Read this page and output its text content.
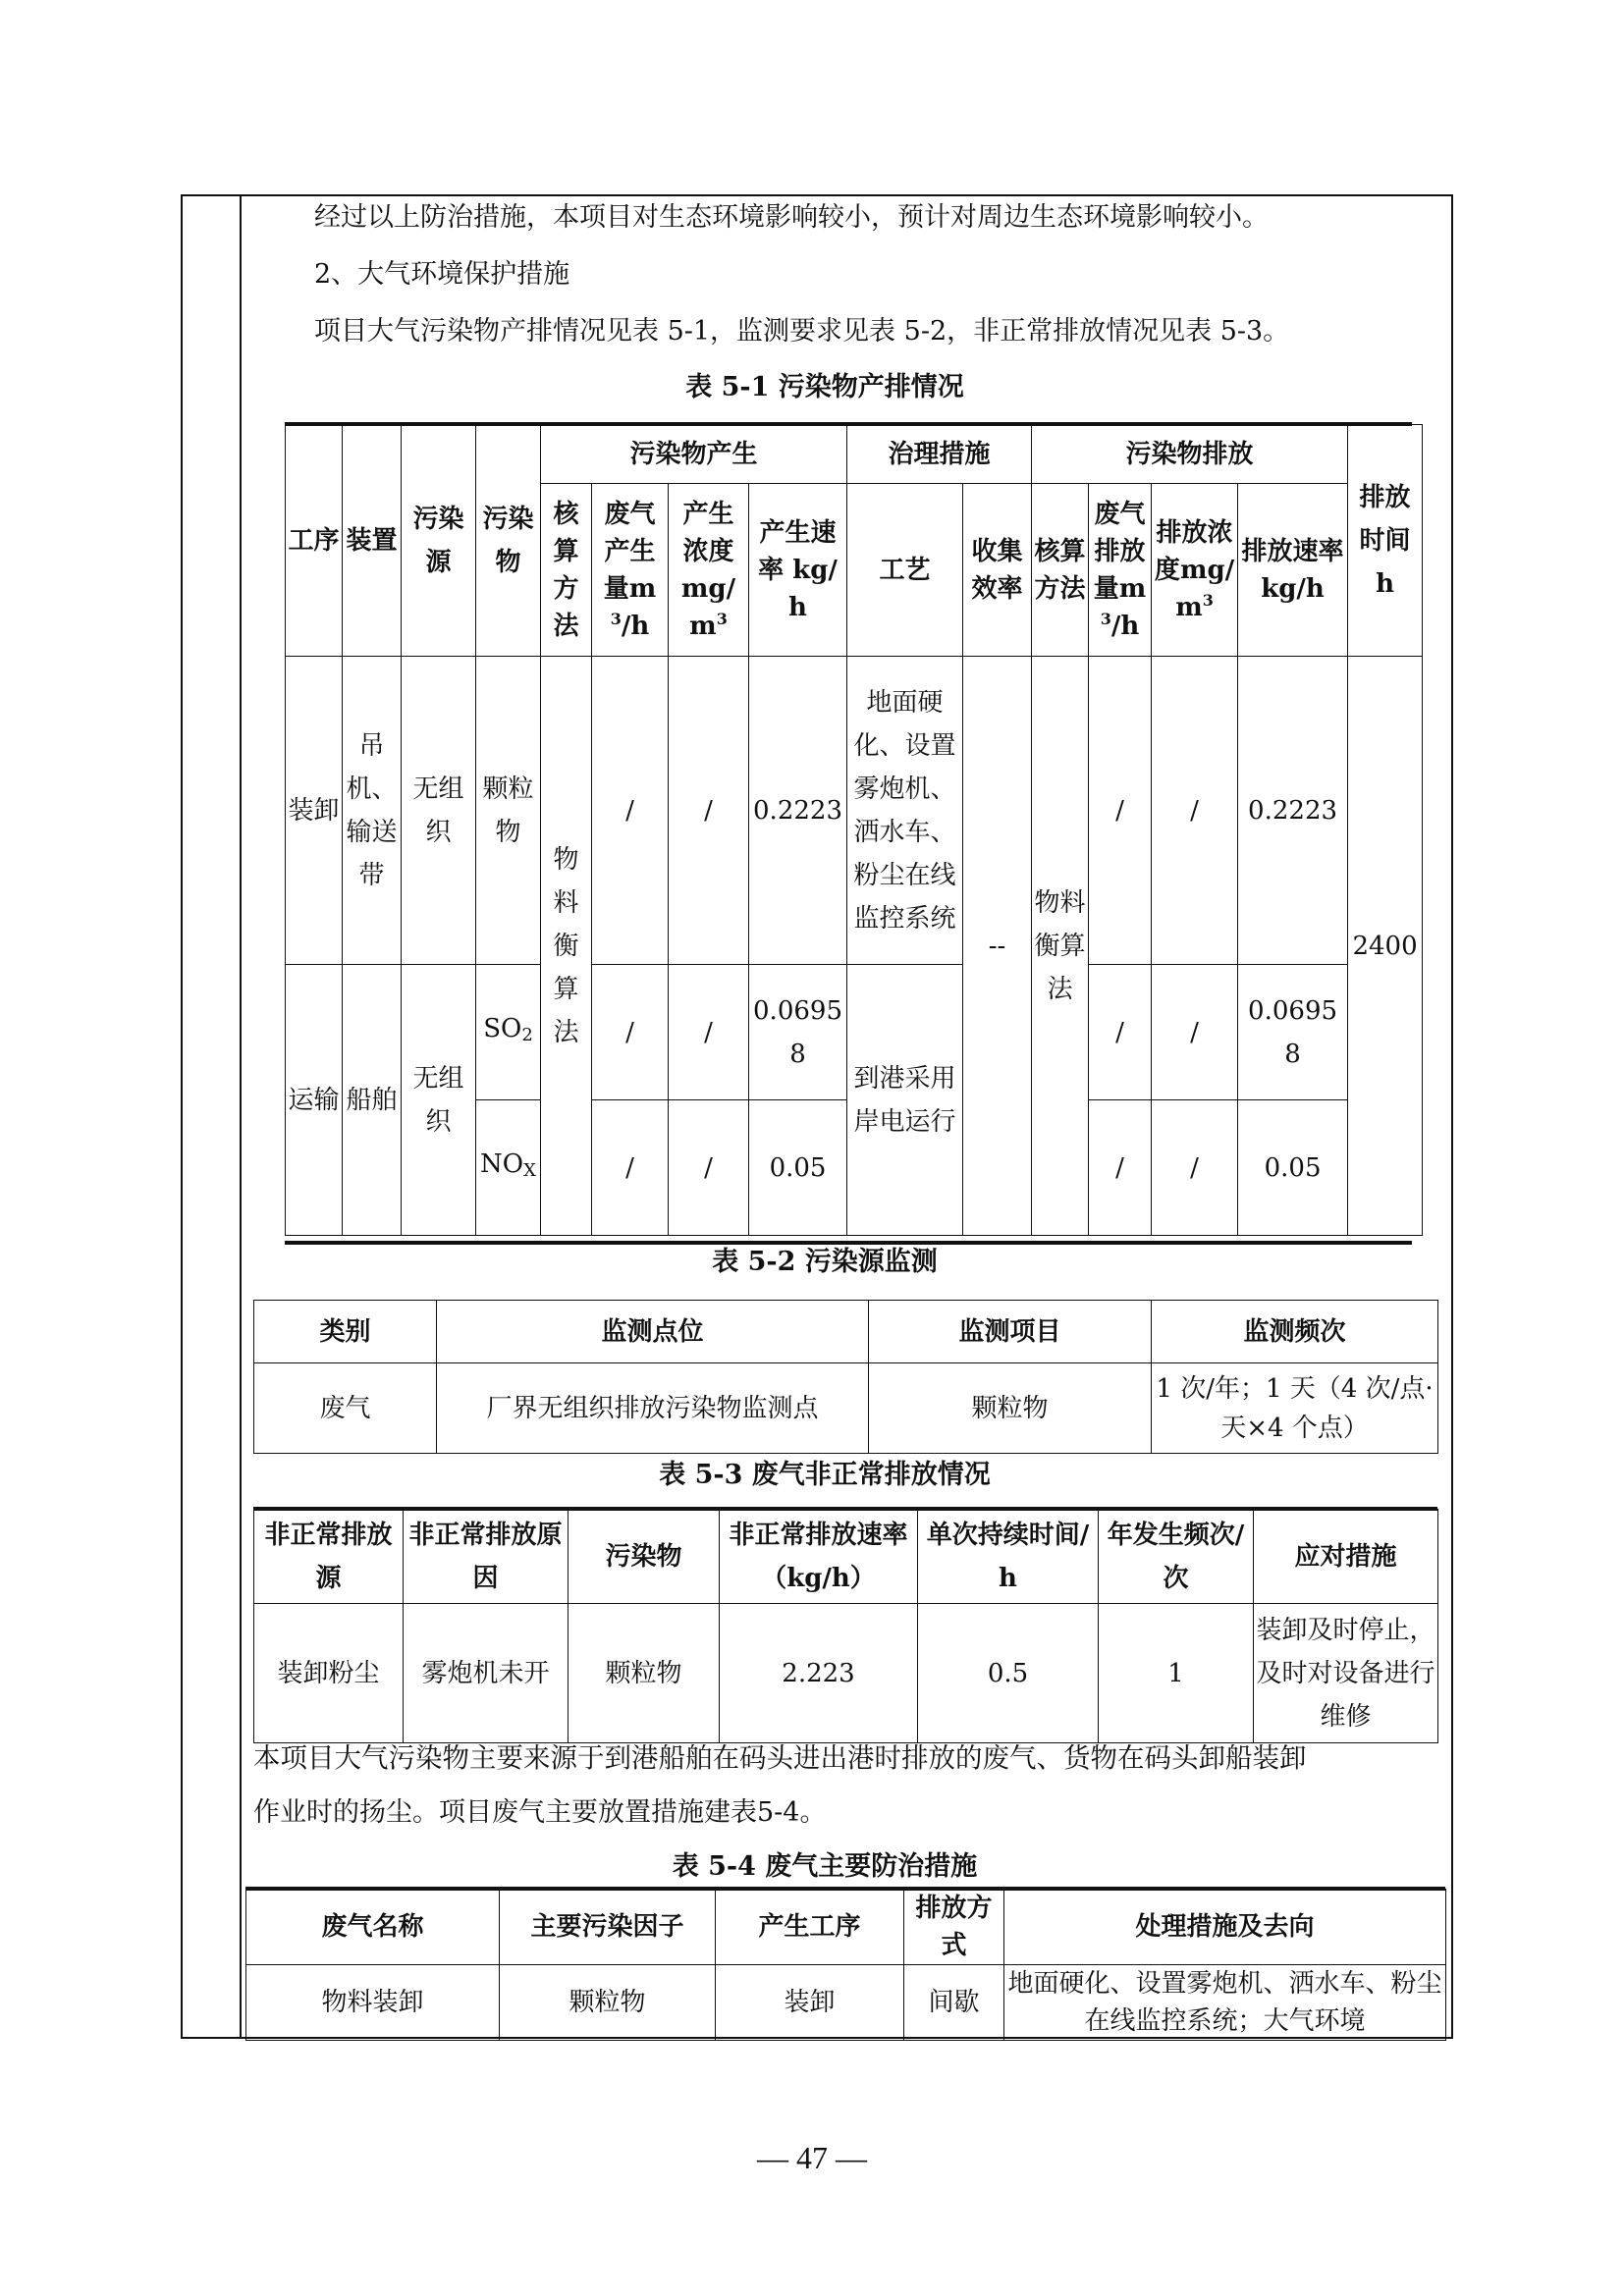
经过以上防治措施，本项目对生态环境影响较小，预计对周边生态环境影响较小。
2、大气环境保护措施
项目大气污染物产排情况见表 5-1，监测要求见表 5-2，非正常排放情况见表 5-3。
表 5-1 污染物产排情况
工序	装置	污染源	污染物	污染物产生				治理措施		污染物排放				排放时间
h
				核算方法	废气产生量$m^3/h$	产生浓度$mg/m^3$	产生速率 kg/h	工艺	收集效率	核算方法	废气排放量$m^3/h$	排放浓度$mg/m^3$	排放速率 kg/h	
装卸	吊机、输送带	无组织	颗粒物	物料衡算法	/	/	0.2223	地面硬化、设置雾炮机、洒水车、粉尘在线监控系统	--	物料衡算法	/	/	0.2223	2400
运输	船舶	无组织	$SO_2$		/	/	0.06958	到港采用岸电运行			/	/	0.06958	
			$NO_X$		/	/	0.05				/	/	0.05	
表 5-2 污染源监测
类别	监测点位	监测项目	监测频次
废气	厂界无组织排放污染物监测点	颗粒物	1 次/年；1 天（4 次/点·天×4 个点）
表 5-3 废气非正常排放情况
非正常排放源	非正常排放原因	污染物	非正常排放速率（kg/h）	单次持续时间/h	年发生频次/次	应对措施
装卸粉尘	雾炮机未开	颗粒物	2.223	0.5	1	装卸及时停止，及时对设备进行维修
本项目大气污染物主要来源于到港船舶在码头进出港时排放的废气、货物在码头卸船装卸
作业时的扬尘。项目废气主要放置措施建表5-4。
表 5-4 废气主要防治措施
废气名称	主要污染因子	产生工序	排放方式	处理措施及去向
物料装卸	颗粒物	装卸	间歇	地面硬化、设置雾炮机、洒水车、粉尘在线监控系统；大气环境
— 47 —
